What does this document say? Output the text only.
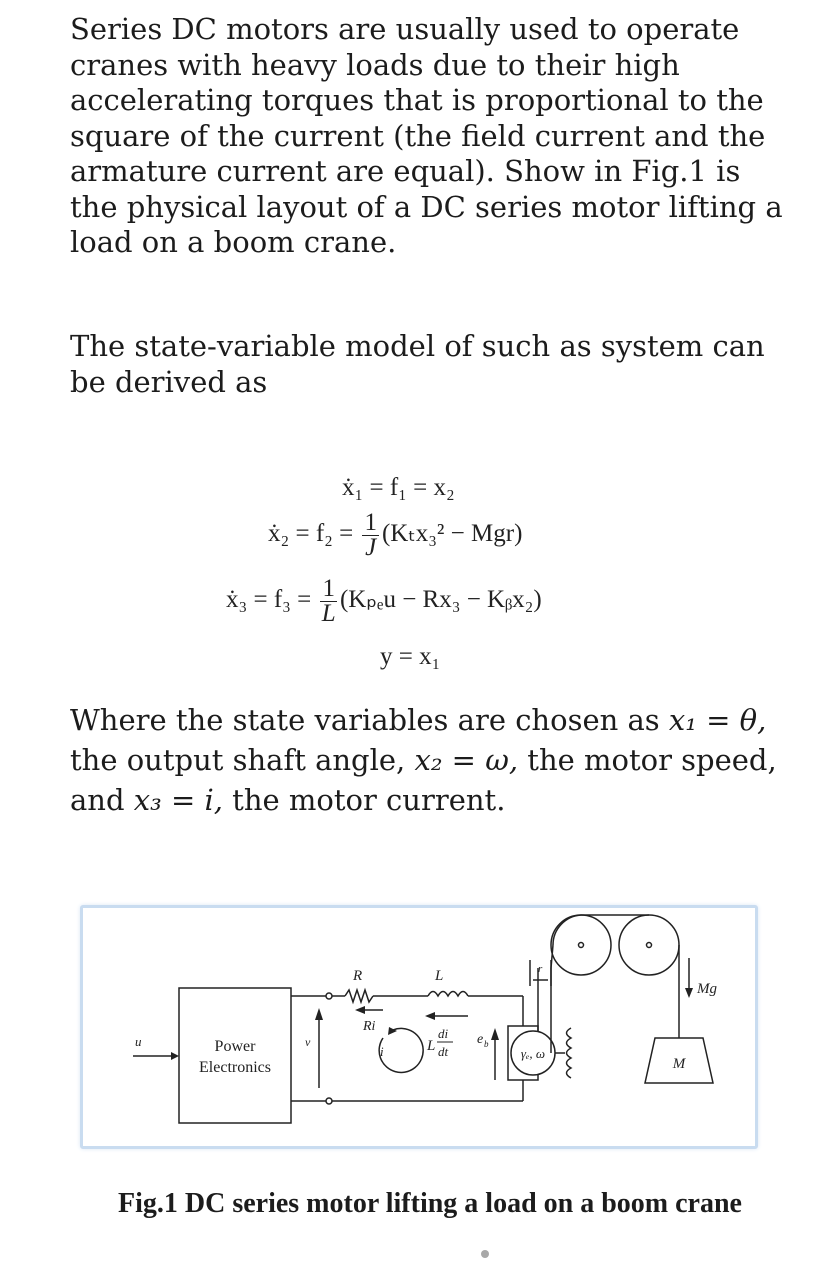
Series DC motors are usually used to operate cranes with heavy loads due to their high accelerating torques that is proportional to the square of the current (the field current and the armature current are equal). Show in Fig.1 is the physical layout of a DC series motor lifting a load on a boom crane.

The state-variable model of such as system can be derived as

ẋ₁ = f₁ = x₂
ẋ₂ = $f_2 = \frac{1}{J} (K_tx_3^2 - Mgr)$
ẋ₃ = $f_3 = \frac{1}{L} (K_{pe}u - Rx_3$ − Kᵦx₂)
y = x₁

Where the state variables are chosen as x₁ = θ, the output shaft angle, x₂ = ω, the motor speed, and x₃ = i, the motor current.

u	Power
Electronics
v
R	L
Ri
i	L
di
dt
e b
γₑ, ω
r
Mg
M
Fig.1 DC series motor lifting a load on a boom crane
